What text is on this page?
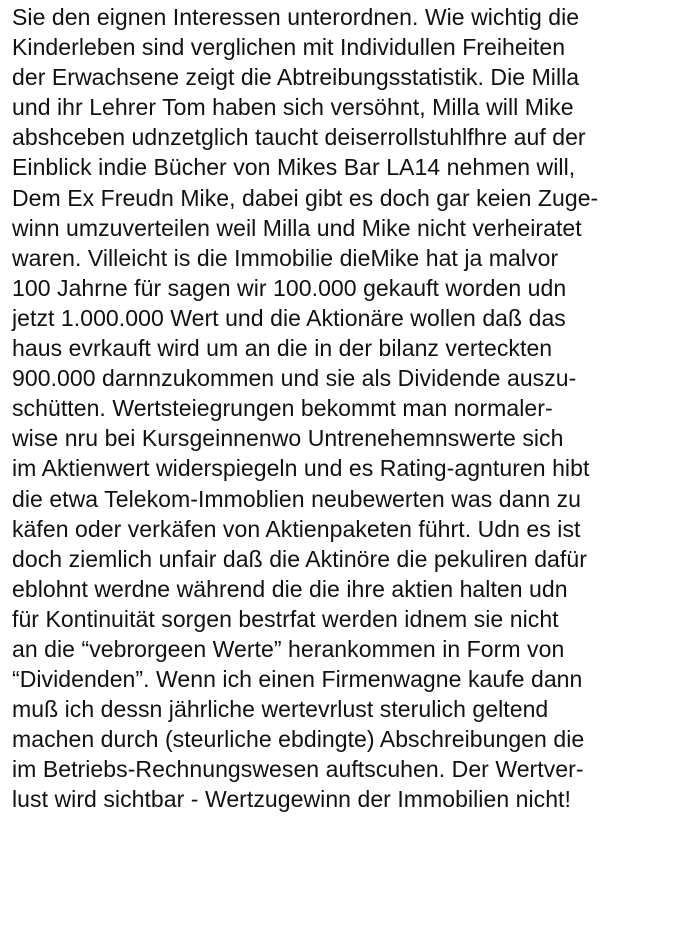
Sie den eignen Interessen unterordnen. Wie wichtig die
Kinderleben sind verglichen mit Individullen Freiheiten
der Erwachsene zeigt die Abtreibungsstatistik. Die Milla
und ihr Lehrer Tom haben sich versöhnt, Milla will Mike
abshceben udnzetglich taucht deiserrollstuhlfhre auf der
Einblick indie Bücher von Mikes Bar LA14 nehmen will,
Dem Ex Freudn Mike, dabei gibt es doch gar keien Zuge-
winn umzuverteilen weil Milla und Mike nicht verheiratet
waren. Villeicht is die Immobilie dieMike hat ja malvor
100 Jahrne für sagen wir 100.000 gekauft worden udn
jetzt 1.000.000 Wert und die Aktionäre wollen daß das
haus evrkauft wird um an die in der bilanz verteckten
900.000 darnnzukommen und sie als Dividende auszu-
schütten. Wertsteiegrungen bekommt man normaler-
wise nru bei Kursgeinnenwo Untrenehemnswerte sich
im Aktienwert widerspiegeln und es Rating-agnturen hibt
die etwa Telekom-Immoblien neubewerten was dann zu
käfen oder verkäfen von Aktienpaketen führt. Udn es ist
doch ziemlich unfair daß die Aktinöre die pekuliren dafür
eblohnt werdne während die die ihre aktien halten udn
für Kontinuität sorgen bestrfat werden idnem sie nicht
an die “vebrorgeen Werte” herankommen in Form von
“Dividenden”. Wenn ich einen Firmenwagne kaufe dann
muß ich dessn jährliche wertevrlust sterulich geltend
machen durch (steurliche ebdingte) Abschreibungen die
im Betriebs-Rechnungswesen auftscuhen. Der Wertver-
lust wird sichtbar - Wertzugewinn der Immobilien nicht!
